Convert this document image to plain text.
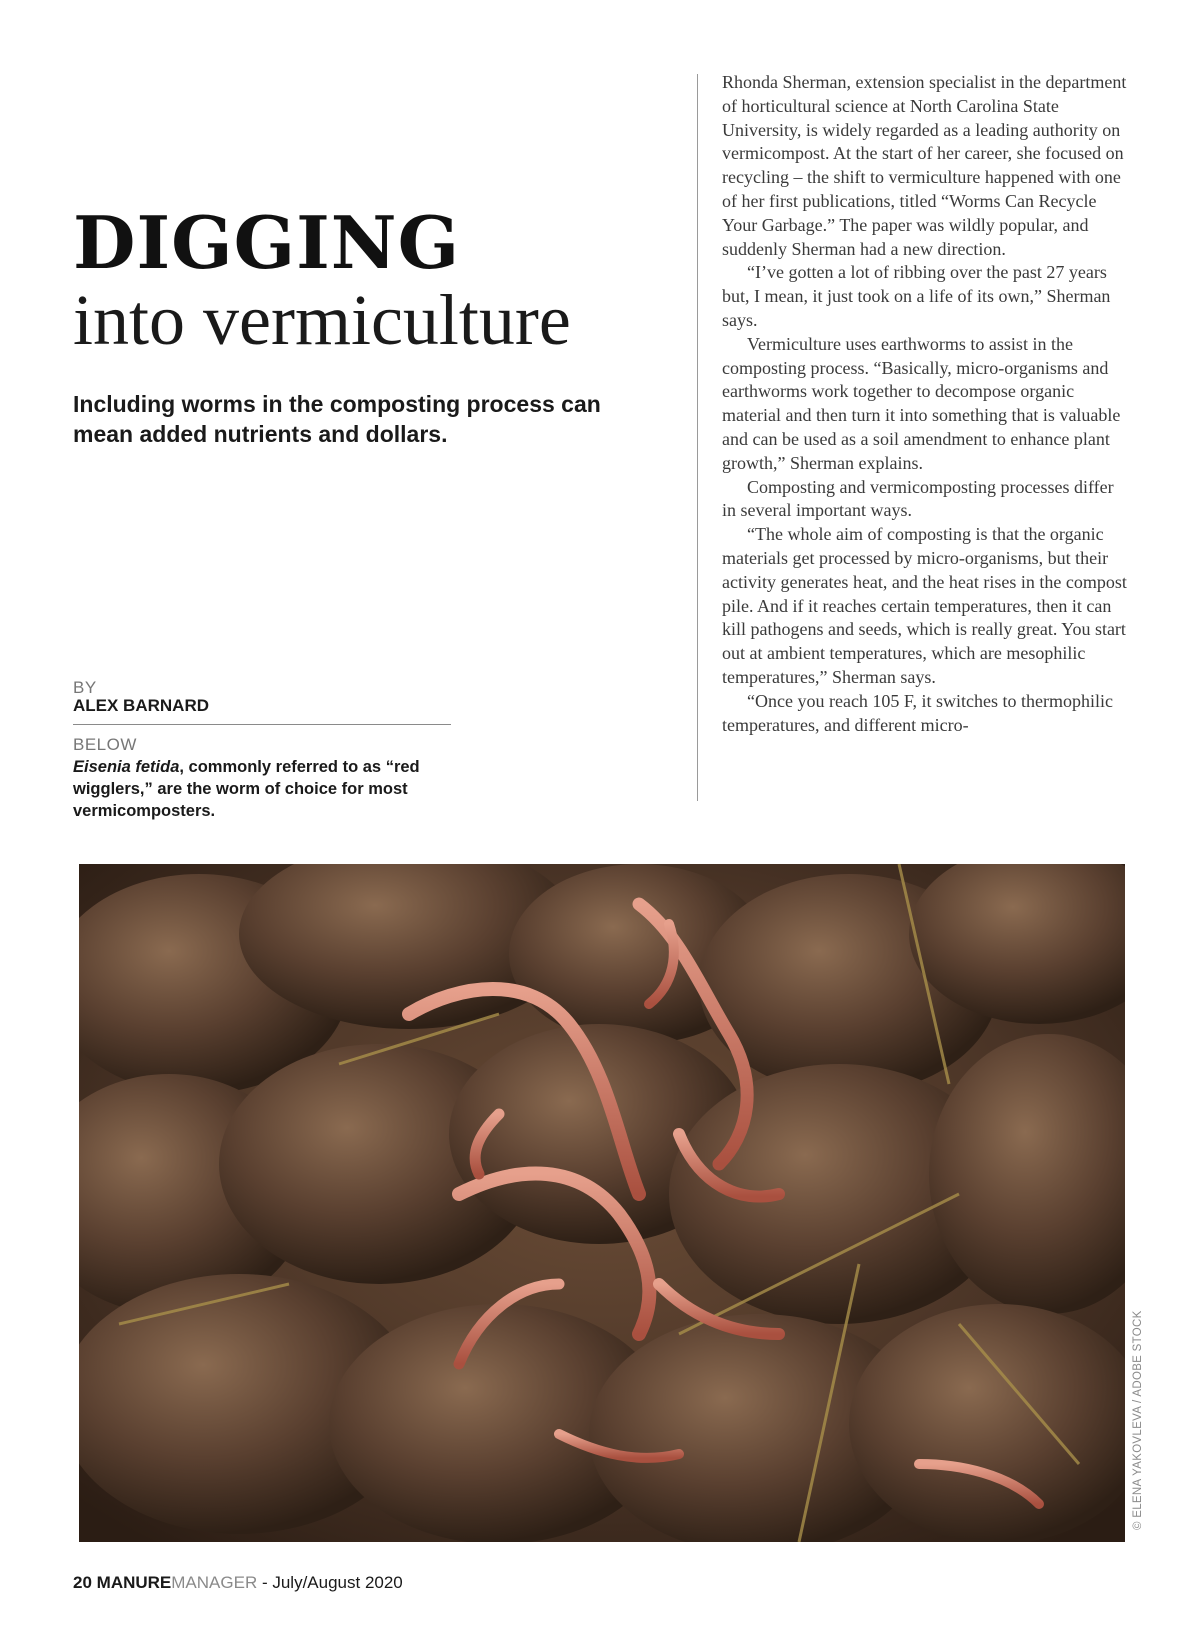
DIGGING
into vermiculture
Including worms in the composting process can mean added nutrients and dollars.
BY
ALEX BARNARD
BELOW
Eisenia fetida, commonly referred to as “red wigglers,” are the worm of choice for most vermicomposters.

Rhonda Sherman, extension specialist in the department of horticultural science at North Carolina State University, is widely regarded as a leading authority on vermicompost. At the start of her career, she focused on recycling – the shift to vermiculture happened with one of her first publications, titled “Worms Can Recycle Your Garbage.” The paper was wildly popular, and suddenly Sherman had a new direction.

“I’ve gotten a lot of ribbing over the past 27 years but, I mean, it just took on a life of its own,” Sherman says.

Vermiculture uses earthworms to assist in the composting process. “Basically, micro-organisms and earthworms work together to decompose organic material and then turn it into something that is valuable and can be used as a soil amendment to enhance plant growth,” Sherman explains.

Composting and vermicomposting processes differ in several important ways.

“The whole aim of composting is that the organic materials get processed by micro-organisms, but their activity generates heat, and the heat rises in the compost pile. And if it reaches certain temperatures, then it can kill pathogens and seeds, which is really great. You start out at ambient temperatures, which are mesophilic temperatures,” Sherman says.

“Once you reach 105 F, it switches to thermophilic temperatures, and different micro-

© ELENA YAKOVLEVA / ADOBE STOCK
20 MANUREMANAGER - July/August 2020
